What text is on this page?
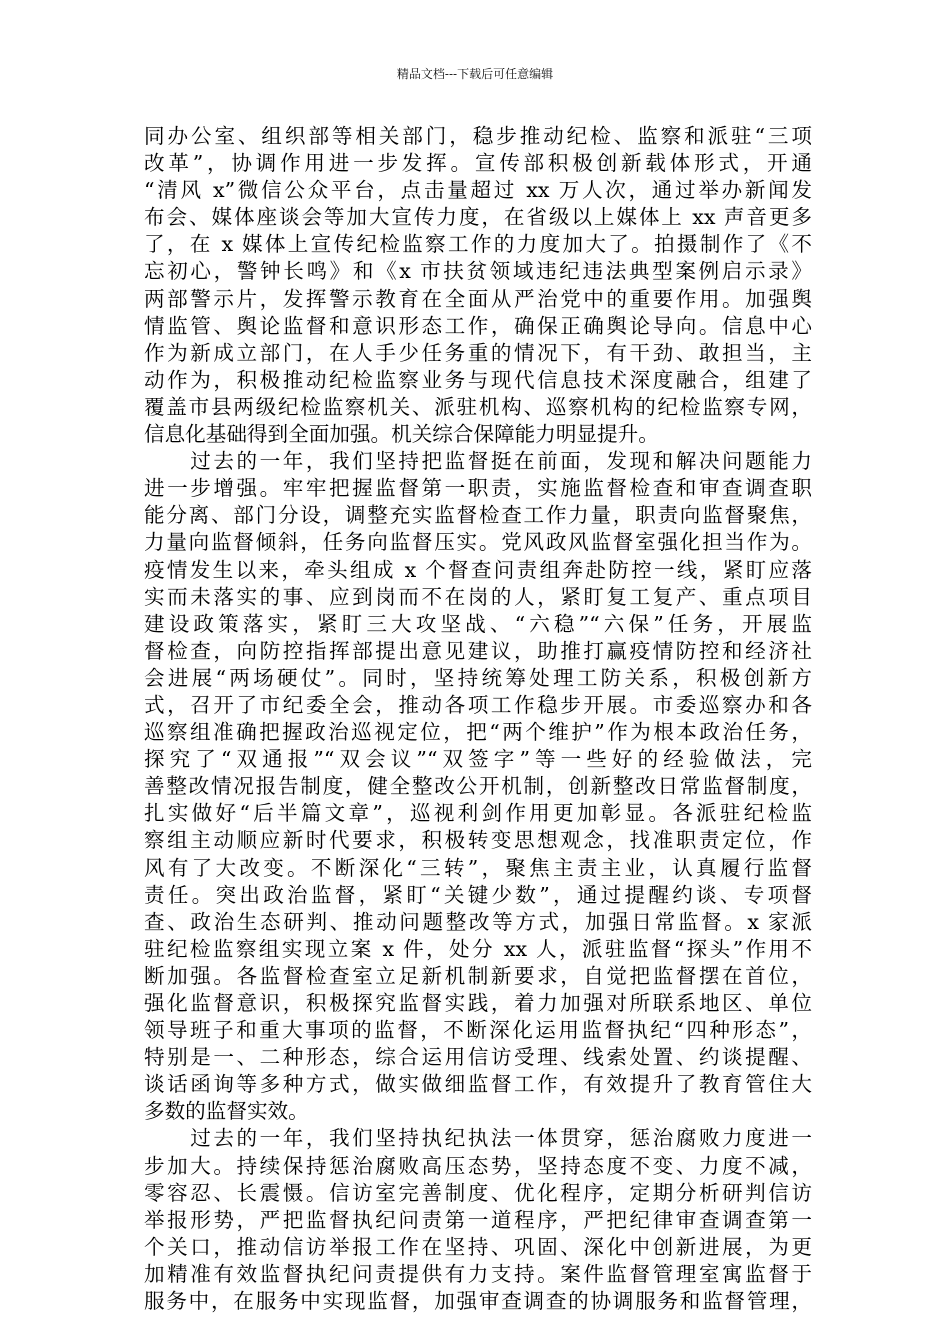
精品文档---下载后可任意编辑
同办公室、组织部等相关部门，稳步推动纪检、监察和派驻“三项
改革”，协调作用进一步发挥。宣传部积极创新载体形式，开通
“清风 x”微信公众平台，点击量超过 xx 万人次，通过举办新闻发
布会、媒体座谈会等加大宣传力度，在省级以上媒体上 xx 声音更多
了，在 x 媒体上宣传纪检监察工作的力度加大了。拍摄制作了《不
忘初心，警钟长鸣》和《x 市扶贫领域违纪违法典型案例启示录》
两部警示片，发挥警示教育在全面从严治党中的重要作用。加强舆
情监管、舆论监督和意识形态工作，确保正确舆论导向。信息中心
作为新成立部门，在人手少任务重的情况下，有干劲、敢担当，主
动作为，积极推动纪检监察业务与现代信息技术深度融合，组建了
覆盖市县两级纪检监察机关、派驻机构、巡察机构的纪检监察专网，
信息化基础得到全面加强。机关综合保障能力明显提升。
　　过去的一年，我们坚持把监督挺在前面，发现和解决问题能力
进一步增强。牢牢把握监督第一职责，实施监督检查和审查调查职
能分离、部门分设，调整充实监督检查工作力量，职责向监督聚焦，
力量向监督倾斜，任务向监督压实。党风政风监督室强化担当作为。
疫情发生以来，牵头组成 x 个督查问责组奔赴防控一线，紧盯应落
实而未落实的事、应到岗而不在岗的人，紧盯复工复产、重点项目
建设政策落实，紧盯三大攻坚战、“六稳”“六保”任务，开展监
督检查，向防控指挥部提出意见建议，助推打赢疫情防控和经济社
会进展“两场硬仗”。同时，坚持统筹处理工防关系，积极创新方
式，召开了市纪委全会，推动各项工作稳步开展。市委巡察办和各
巡察组准确把握政治巡视定位，把“两个维护”作为根本政治任务，
探究了“双通报”“双会议”“双签字”等一些好的经验做法，完
善整改情况报告制度，健全整改公开机制，创新整改日常监督制度，
扎实做好“后半篇文章”，巡视利剑作用更加彰显。各派驻纪检监
察组主动顺应新时代要求，积极转变思想观念，找准职责定位，作
风有了大改变。不断深化“三转”，聚焦主责主业，认真履行监督
责任。突出政治监督，紧盯“关键少数”，通过提醒约谈、专项督
查、政治生态研判、推动问题整改等方式，加强日常监督。x 家派
驻纪检监察组实现立案 x 件，处分 xx 人，派驻监督“探头”作用不
断加强。各监督检查室立足新机制新要求，自觉把监督摆在首位，
强化监督意识，积极探究监督实践，着力加强对所联系地区、单位
领导班子和重大事项的监督，不断深化运用监督执纪“四种形态”，
特别是一、二种形态，综合运用信访受理、线索处置、约谈提醒、
谈话函询等多种方式，做实做细监督工作，有效提升了教育管住大
多数的监督实效。
　　过去的一年，我们坚持执纪执法一体贯穿，惩治腐败力度进一
步加大。持续保持惩治腐败高压态势，坚持态度不变、力度不减，
零容忍、长震慑。信访室完善制度、优化程序，定期分析研判信访
举报形势，严把监督执纪问责第一道程序，严把纪律审查调查第一
个关口，推动信访举报工作在坚持、巩固、深化中创新进展，为更
加精准有效监督执纪问责提供有力支持。案件监督管理室寓监督于
服务中，在服务中实现监督，加强审查调查的协调服务和监督管理，
